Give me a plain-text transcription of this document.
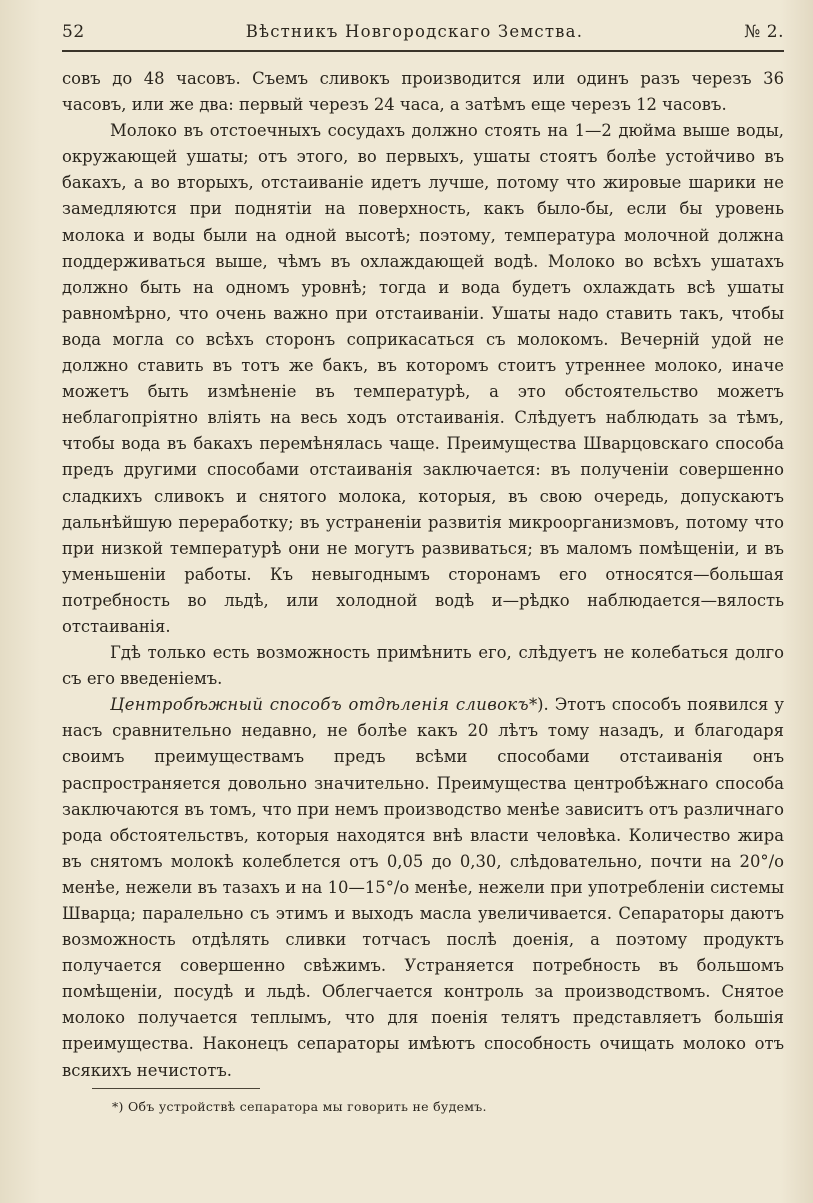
52	Вѣстникъ Новгородскаго Земства.	№ 2.

совъ до 48 часовъ. Съемъ сливокъ производится или одинъ разъ черезъ 36 часовъ, или же два: первый черезъ 24 часа, а затѣмъ еще черезъ 12 часовъ.

Молоко въ отстоечныхъ сосудахъ должно стоять на 1—2 дюйма выше воды, окружающей ушаты; отъ этого, во первыхъ, ушаты стоятъ болѣе устойчиво въ бакахъ, а во вторыхъ, отстаиванiе идетъ лучше, потому что жировые шарики не замедляются при поднятiи на поверхность, какъ было-бы, если бы уровень молока и воды были на одной высотѣ; поэтому, температура молочной должна поддерживаться выше, чѣмъ въ охлаждающей водѣ. Молоко во всѣхъ ушатахъ должно быть на одномъ уровнѣ; тогда и вода будетъ охлаждать всѣ ушаты равномѣрно, что очень важно при отстаиванiи. Ушаты надо ставить такъ, чтобы вода могла со всѣхъ сторонъ соприкасаться съ молокомъ. Вечернiй удой не должно ставить въ тотъ же бакъ, въ которомъ стоитъ утреннее молоко, иначе можетъ быть измѣненiе въ температурѣ, а это обстоятельство можетъ неблагопрiятно влiять на весь ходъ отстаиванiя. Слѣдуетъ наблюдать за тѣмъ, чтобы вода въ бакахъ перемѣнялась чаще. Преимущества Шварцовскаго способа предъ другими способами отстаиванiя заключается: въ полученiи совершенно сладкихъ сливокъ и снятого молока, которыя, въ свою очередь, допускаютъ дальнѣйшую переработку; въ устраненiи развитiя микроорганизмовъ, потому что при низкой температурѣ они не могутъ развиваться; въ маломъ помѣщенiи, и въ уменьшенiи работы. Къ невыгоднымъ сторонамъ его относятся—большая потребность во льдѣ, или холодной водѣ и—рѣдко наблюдается—вялость отстаиванiя.

Гдѣ только есть возможность примѣнить его, слѣдуетъ не колебаться долго съ его введенiемъ.

Центробѣжный способъ отдѣленiя сливокъ*). Этотъ способъ появился у насъ сравнительно недавно, не болѣе какъ 20 лѣтъ тому назадъ, и благодаря своимъ преимуществамъ предъ всѣми способами отстаиванiя онъ распространяется довольно значительно. Преимущества центробѣжнаго способа заключаются въ томъ, что при немъ производство менѣе зависитъ отъ различнаго рода обстоятельствъ, которыя находятся внѣ власти человѣка. Количество жира въ снятомъ молокѣ колеблется отъ 0,05 до 0,30, слѣдовательно, почти на 20°/о менѣе, нежели въ тазахъ и на 10—15°/о менѣе, нежели при употребленiи системы Шварца; паралельно съ этимъ и выходъ масла увеличивается. Сепараторы даютъ возможность отдѣлять сливки тотчасъ послѣ доенiя, а поэтому продуктъ получается совершенно свѣжимъ. Устраняется потребность въ большомъ помѣщенiи, посудѣ и льдѣ. Облегчается контроль за производствомъ. Снятое молоко получается теплымъ, что для поенiя телятъ представляетъ большiя преимущества. Наконецъ сепараторы имѣютъ способность очищать молоко отъ всякихъ нечистотъ.

*) Объ устройствѣ сепаратора мы говорить не будемъ.
